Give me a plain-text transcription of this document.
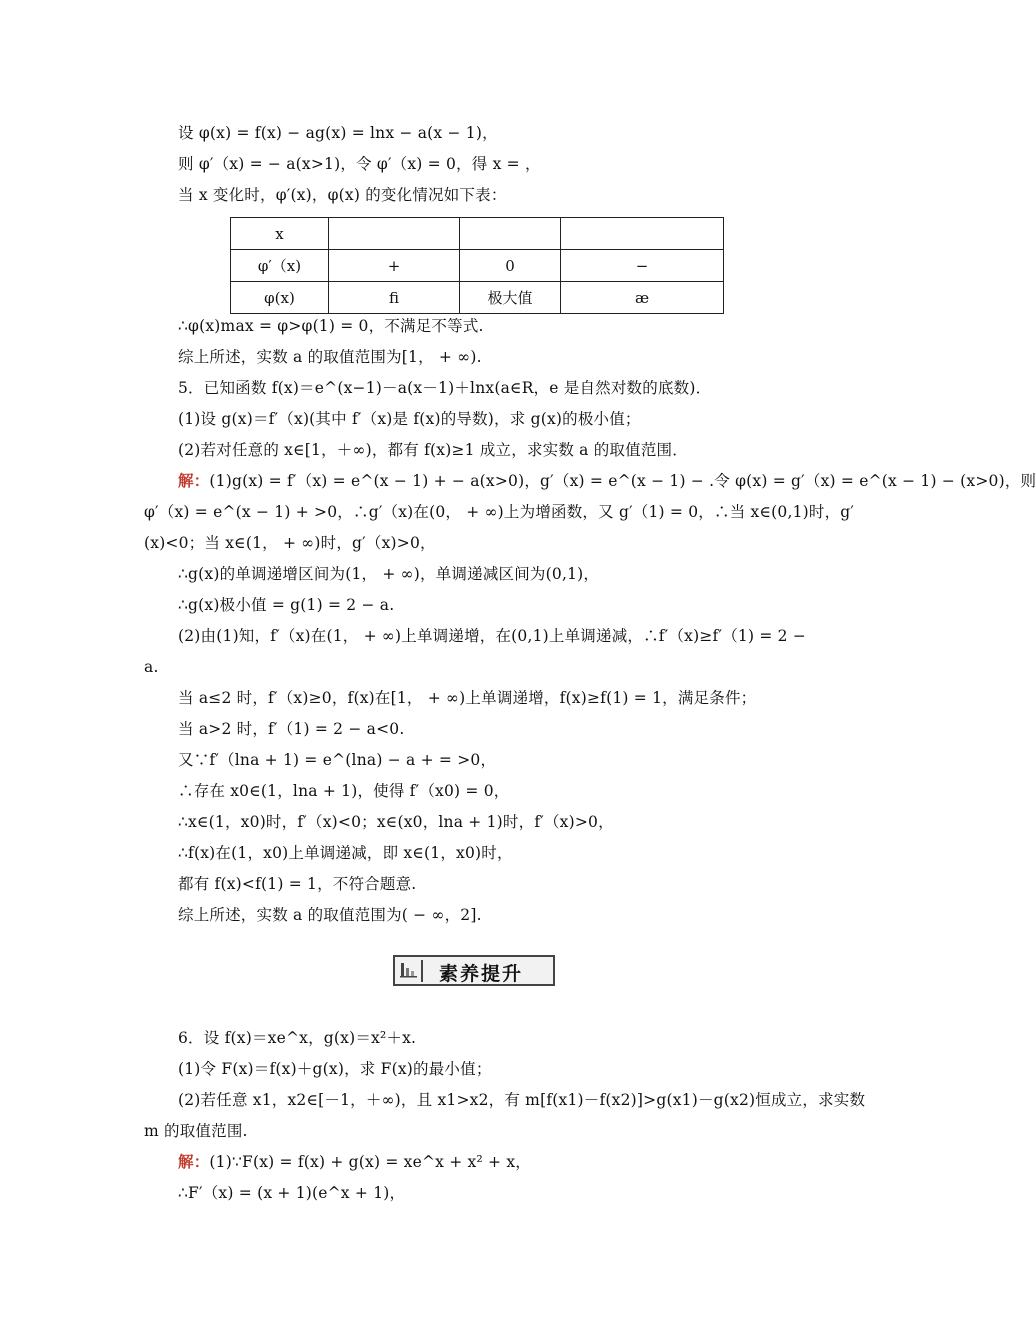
设 φ(x) = f(x) − ag(x) = lnx − a(x − 1)，
则 φ′（x) = − a(x>1)，令 φ′（x) = 0，得 x = ，
当 x 变化时，φ′(x)，φ(x) 的变化情况如下表：
x			
φ′（x)	+	0	−
φ(x)	ﬁ	极大值	æ
∴φ(x)max = φ>φ(1) = 0，不满足不等式.
综上所述，实数 a 的取值范围为[1， + ∞).
5．已知函数 f(x)＝e^(x−1)－a(x－1)＋lnx(a∈R，e 是自然对数的底数)．
(1)设 g(x)＝f′（x)(其中 f′（x)是 f(x)的导数)，求 g(x)的极小值；
(2)若对任意的 x∈[1，＋∞)，都有 f(x)≥1 成立，求实数 a 的取值范围．
解：(1)g(x) = f′（x) = e^(x − 1) + − a(x>0)，g′（x) = e^(x − 1) − .令 φ(x) = g′（x) = e^(x − 1) − (x>0)，则
φ′（x) = e^(x − 1) + >0，∴g′（x)在(0， + ∞)上为增函数，又 g′（1) = 0，∴当 x∈(0,1)时，g′
(x)<0；当 x∈(1， + ∞)时，g′（x)>0，
∴g(x)的单调递增区间为(1， + ∞)，单调递减区间为(0,1)，
∴g(x)极小值 = g(1) = 2 − a.
(2)由(1)知，f′（x)在(1， + ∞)上单调递增，在(0,1)上单调递减，∴f′（x)≥f′（1) = 2 −
a.
当 a≤2 时，f′（x)≥0，f(x)在[1， + ∞)上单调递增，f(x)≥f(1) = 1，满足条件；
当 a>2 时，f′（1) = 2 − a<0.
又∵f′（lna + 1) = e^(lna) − a + = >0，
∴存在 x0∈(1，lna + 1)，使得 f′（x0) = 0，
∴x∈(1，x0)时，f′（x)<0；x∈(x0，lna + 1)时，f′（x)>0，
∴f(x)在(1，x0)上单调递减，即 x∈(1，x0)时，
都有 f(x)<f(1) = 1，不符合题意.
综上所述，实数 a 的取值范围为( − ∞，2].
素养提升
6．设 f(x)＝xe^x，g(x)＝x²＋x.
(1)令 F(x)＝f(x)＋g(x)，求 F(x)的最小值；
(2)若任意 x1，x2∈[－1，＋∞)，且 x1>x2，有 m[f(x1)－f(x2)]>g(x1)－g(x2)恒成立，求实数
m 的取值范围.
解：(1)∵F(x) = f(x) + g(x) = xe^x + x² + x，
∴F′（x) = (x + 1)(e^x + 1)，
